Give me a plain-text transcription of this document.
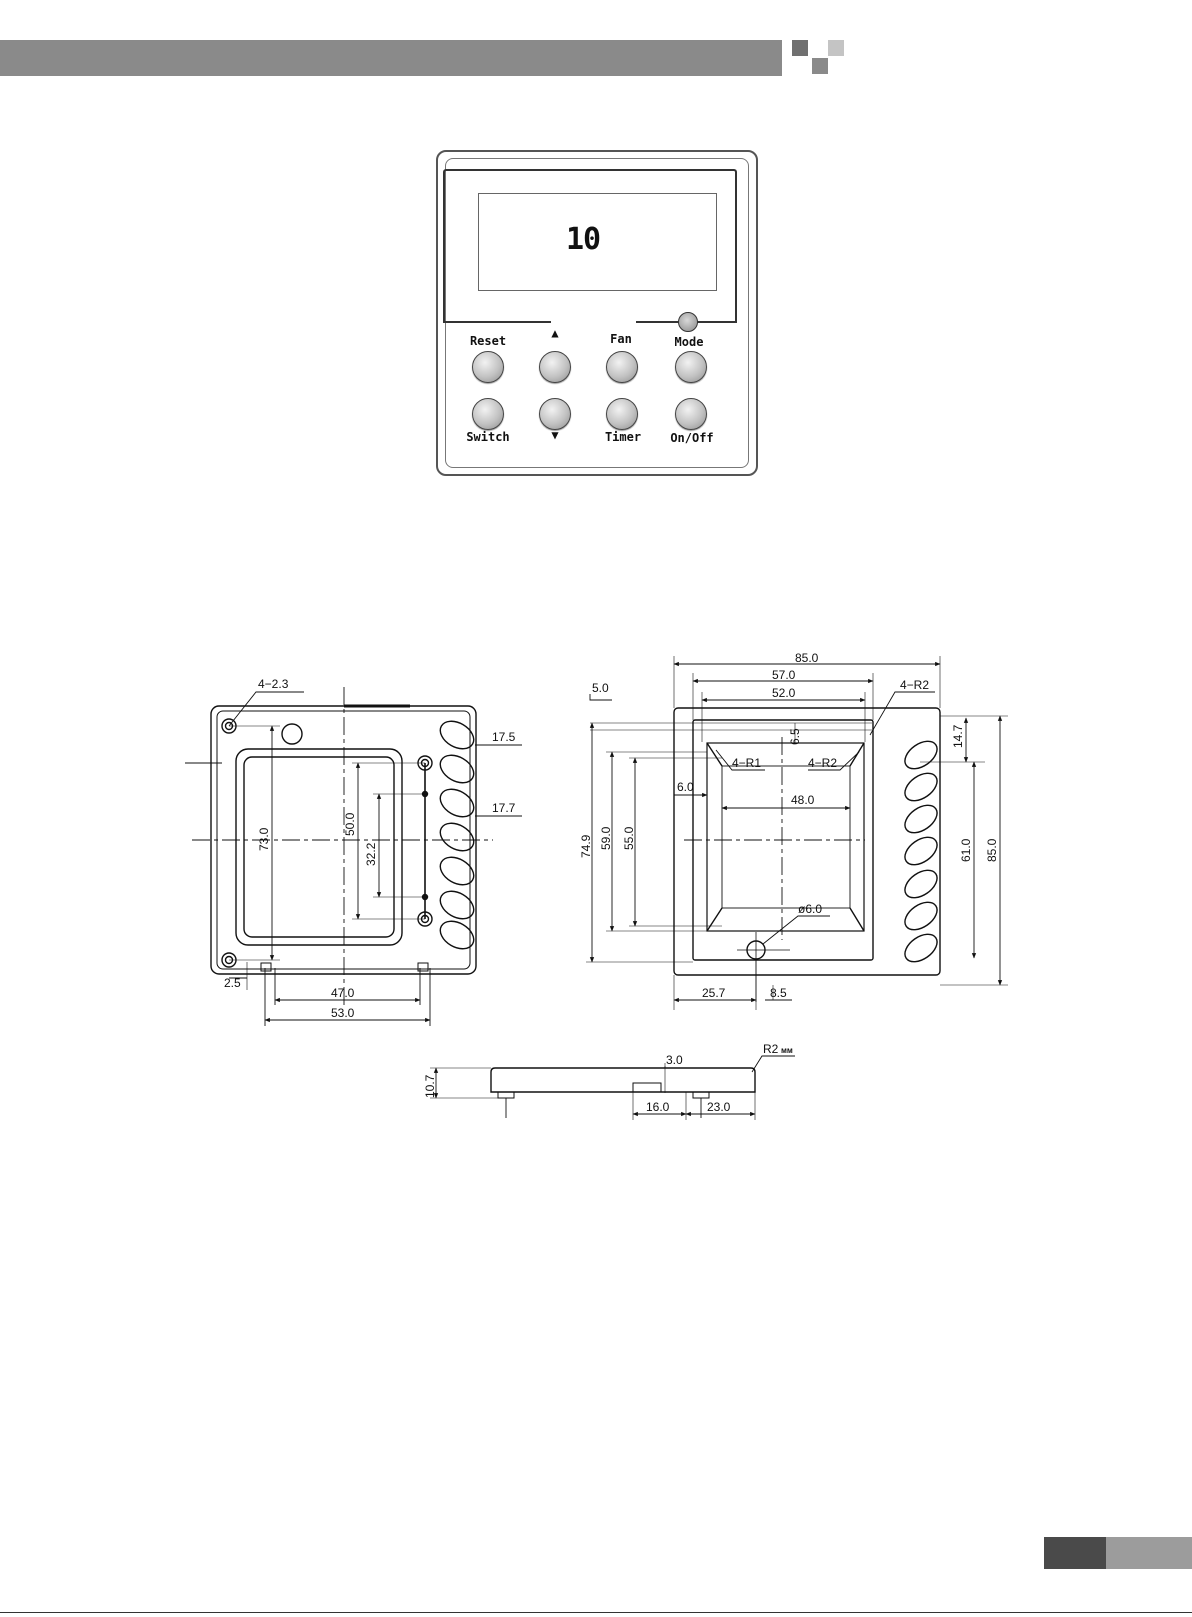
10
Reset
▲	Fan	Mode
Switch	▼	Timer	On/Off
4−2.3
17.5
17.7
73.0
50.0
32.2
2.5
47.0
53.0
85.0
57.0
52.0
5.0	4−R2
6.5
4−R1	4−R2
6.0
48.0
74.9 59.0 55.0
14.7
61.0 85.0
ø6.0
25.7	8.5
10.7
3.0
R2 мм
16.0	23.0
